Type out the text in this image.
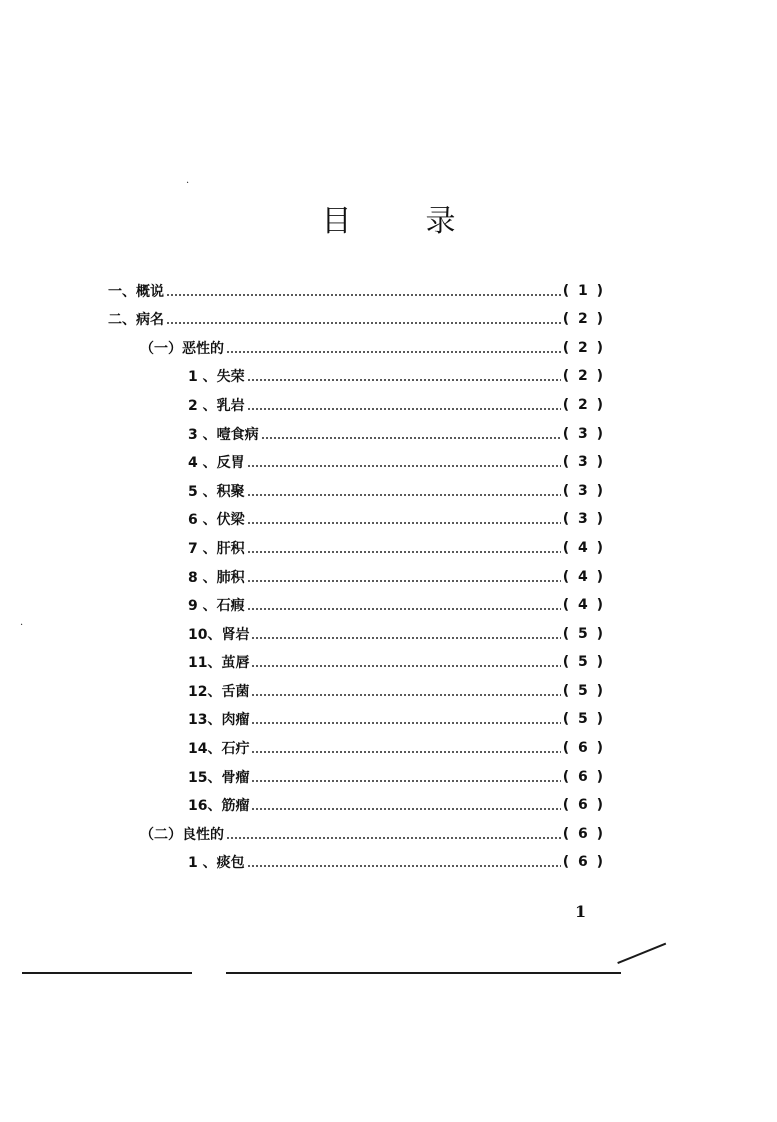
·
·
目 录
一、 概说	( 1 )
二、 病名	( 2 )
（一） 恶性的	( 2 )
1 、 失荣	( 2 )
2 、 乳岩	( 2 )
3 、 噎食病	( 3 )
4 、 反胃	( 3 )
5 、 积聚	( 3 )
6 、 伏梁	( 3 )
7 、 肝积	( 4 )
8 、 肺积	( 4 )
9 、 石瘕	( 4 )
10、 肾岩	( 5 )
11、 茧唇	( 5 )
12、 舌菌	( 5 )
13、 肉瘤	( 5 )
14、 石疔	( 6 )
15、 骨瘤	( 6 )
16、 筋瘤	( 6 )
（二） 良性的	( 6 )
1 、 痰包	( 6 )
1
